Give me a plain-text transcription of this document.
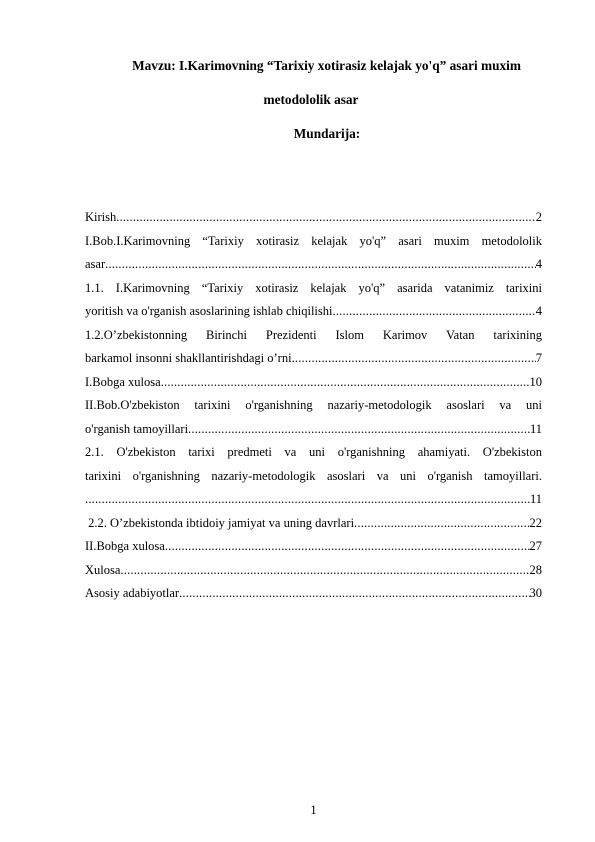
Mavzu: I.Karimovning “Tarixiy xotirasiz kelajak yo'q” asari muxim
metodololik asar
Mundarija:
Kirish .....	2
I.Bob.I.Karimovning “Tarixiy xotirasiz kelajak yo'q” asari muxim metodololik
asar .....	4
1.1. I.Karimovning “Tarixiy xotirasiz kelajak yo'q” asarida vatanimiz tarixini
yoritish va o'rganish asoslarining ishlab chiqilishi .....	4
1.2.O’zbekistonning Birinchi Prezidenti Islom Karimov Vatan tarixining
barkamol insonni shakllantirishdagi o’rni .....	7
I.Bobga xulosa .....	10
II.Bob.O'zbekiston tarixini o'rganishning nazariy-metodologik asoslari va uni
o'rganish tamoyillari .....	11
2.1. O'zbekiston tarixi predmeti va uni o'rganishning ahamiyati. O'zbekiston
tarixini o'rganishning nazariy-metodologik asoslari va uni o'rganish tamoyillari.
.....
11
2.2. O’zbekistonda ibtidoiy jamiyat va uning davrlari .....	22
II.Bobga xulosa .....	27
Xulosa .....	28
Asosiy adabiyotlar .....	30
1
